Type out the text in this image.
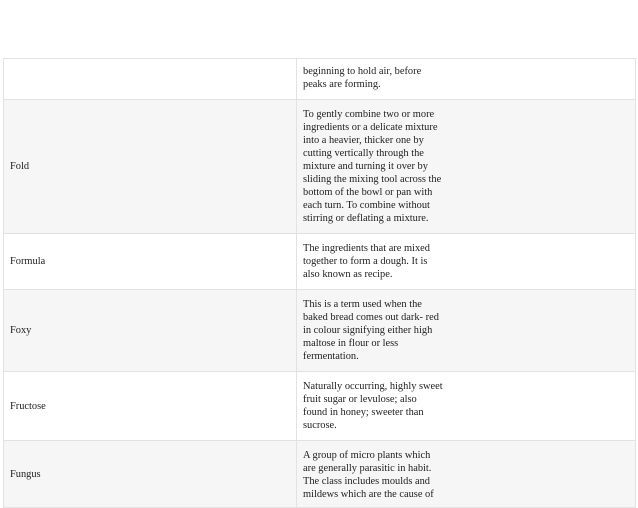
	beginning to hold air, before peaks are forming.

Fold	To gently combine two or more ingredients or a delicate mixture into a heavier, thicker one by cutting vertically through the mixture and turning it over by sliding the mixing tool across the bottom of the bowl or pan with each turn. To combine without stirring or deflating a mixture.

Formula	The ingredients that are mixed together to form a dough. It is also known as recipe.

Foxy	This is a term used when the baked bread comes out dark- red in colour signifying either high maltose in flour or less fermentation.

Fructose	Naturally occurring, highly sweet fruit sugar or levulose; also found in honey; sweeter than sucrose.

Fungus	A group of micro plants which are generally parasitic in habit. The class includes moulds and mildews which are the cause of
